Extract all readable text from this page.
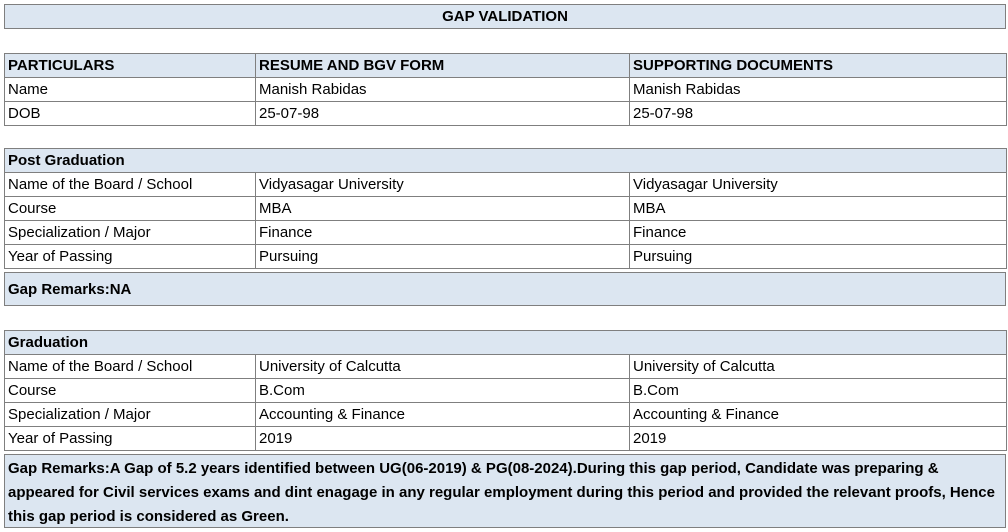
GAP VALIDATION
PARTICULARS	RESUME AND BGV FORM	SUPPORTING DOCUMENTS
Name	Manish Rabidas	Manish Rabidas
DOB	25-07-98	25-07-98
Post Graduation		
Name of the Board / School	Vidyasagar University	Vidyasagar University
Course	MBA	MBA
Specialization / Major	Finance	Finance
Year of Passing	Pursuing	Pursuing
Gap Remarks:NA
Graduation		
Name of the Board / School	University of Calcutta	University of Calcutta
Course	B.Com	B.Com
Specialization / Major	Accounting & Finance	Accounting & Finance
Year of Passing	2019	2019
Gap Remarks:A Gap of 5.2 years identified between UG(06-2019) & PG(08-2024).During this gap period, Candidate was preparing & appeared for Civil services exams and dint enagage in any regular employment during this period and provided the relevant proofs, Hence this gap period is considered as Green.
